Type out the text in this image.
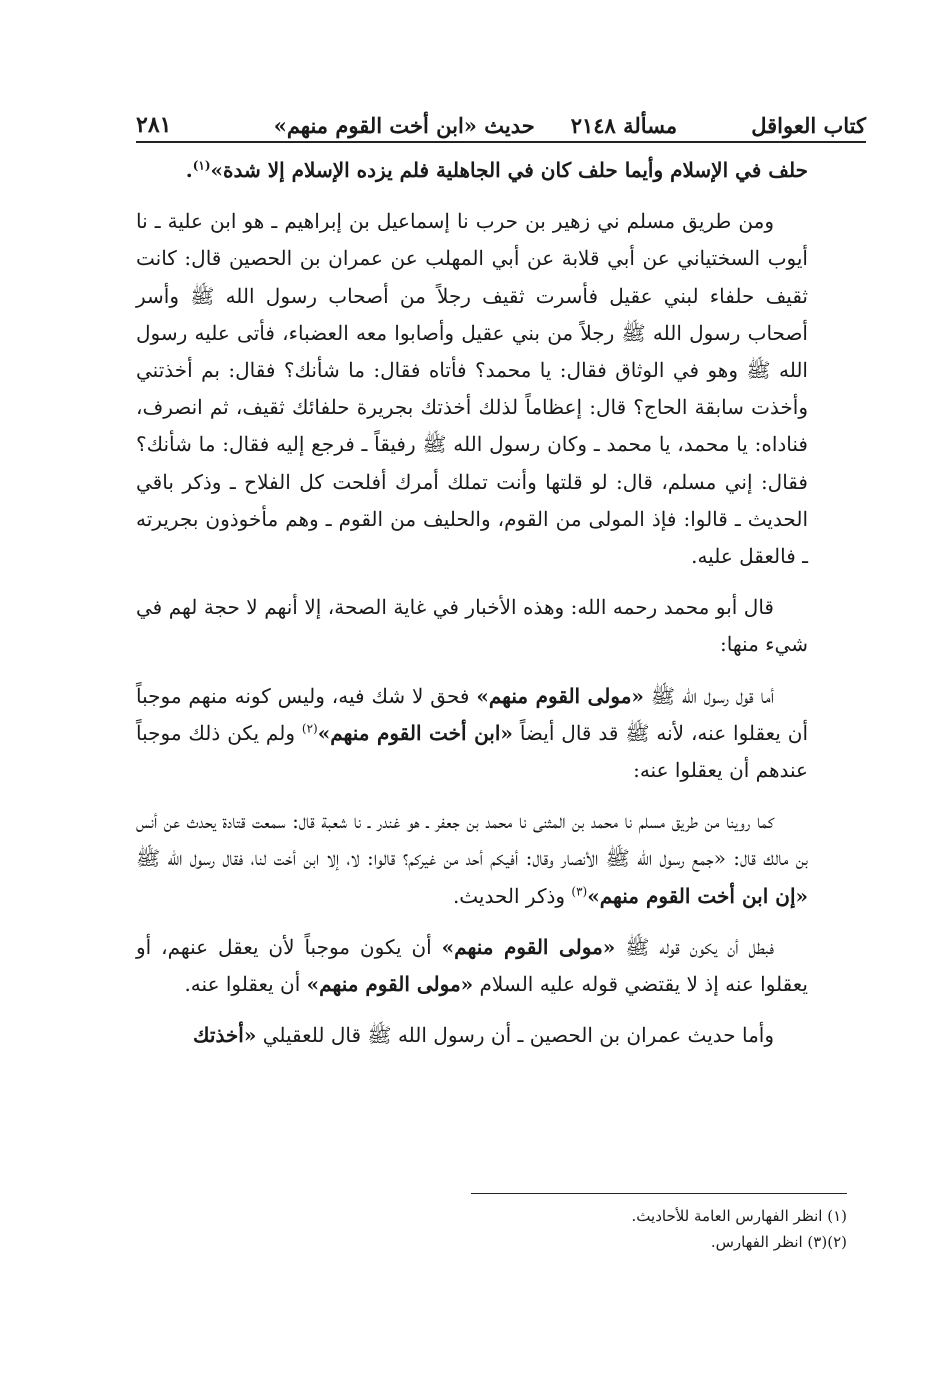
كتاب العواقل
مسألة ٢١٤٨
حديث «ابن أخت القوم منهم»
٢٨١

حلف في الإسلام وأيما حلف كان في الجاهلية فلم يزده الإسلام إلا شدة»$^{(١)}$.

ومن طريق مسلم ني زهير بن حرب نا إسماعيل بن إبراهيم ـ هو ابن علية ـ نا أيوب السختياني عن أبي قلابة عن أبي المهلب عن عمران بن الحصين قال: كانت ثقيف حلفاء لبني عقيل فأسرت ثقيف رجلاً من أصحاب رسول الله ﷺ وأسر أصحاب رسول الله ﷺ رجلاً من بني عقيل وأصابوا معه العضباء، فأتى عليه رسول الله ﷺ وهو في الوثاق فقال: يا محمد؟ فأتاه فقال: ما شأنك؟ فقال: بم أخذتني وأخذت سابقة الحاج؟ قال: إعظاماً لذلك أخذتك بجريرة حلفائك ثقيف، ثم انصرف، فناداه: يا محمد، يا محمد ـ وكان رسول الله ﷺ رفيقاً ـ فرجع إليه فقال: ما شأنك؟ فقال: إني مسلم، قال: لو قلتها وأنت تملك أمرك أفلحت كل الفلاح ـ وذكر باقي الحديث ـ قالوا: فإذ المولى من القوم، والحليف من القوم ـ وهم مأخوذون بجريرته ـ فالعقل عليه.

قال أبو محمد رحمه الله: وهذه الأخبار في غاية الصحة، إلا أنهم لا حجة لهم في شيء منها:

أما قول رسول الله ﷺ «مولى القوم منهم» فحق لا شك فيه، وليس كونه منهم موجباً أن يعقلوا عنه، لأنه ﷺ قد قال أيضاً «ابن أخت القوم منهم»$^{(٢)}$ ولم يكن ذلك موجباً عندهم أن يعقلوا عنه:

كما روينا من طريق مسلم نا محمد بن المثنى نا محمد بن جعفر ـ هو غندر ـ نا شعبة قال: سمعت قتادة يحدث عن أنس بن مالك قال: «جمع رسول الله ﷺ الأنصار وقال: أفيكم أحد من غيركم؟ قالوا: لا، إلا ابن أخت لنا، فقال رسول الله ﷺ «إن ابن أخت القوم منهم»$^{(٣)}$ وذكر الحديث.

فبطل أن يكون قوله ﷺ «مولى القوم منهم» أن يكون موجباً لأن يعقل عنهم، أو يعقلوا عنه إذ لا يقتضي قوله عليه السلام «مولى القوم منهم» أن يعقلوا عنه.

وأما حديث عمران بن الحصين ـ أن رسول الله ﷺ قال للعقيلي «أخذتك

(١) انظر الفهارس العامة للأحاديث.
(٢)(٣) انظر الفهارس.
